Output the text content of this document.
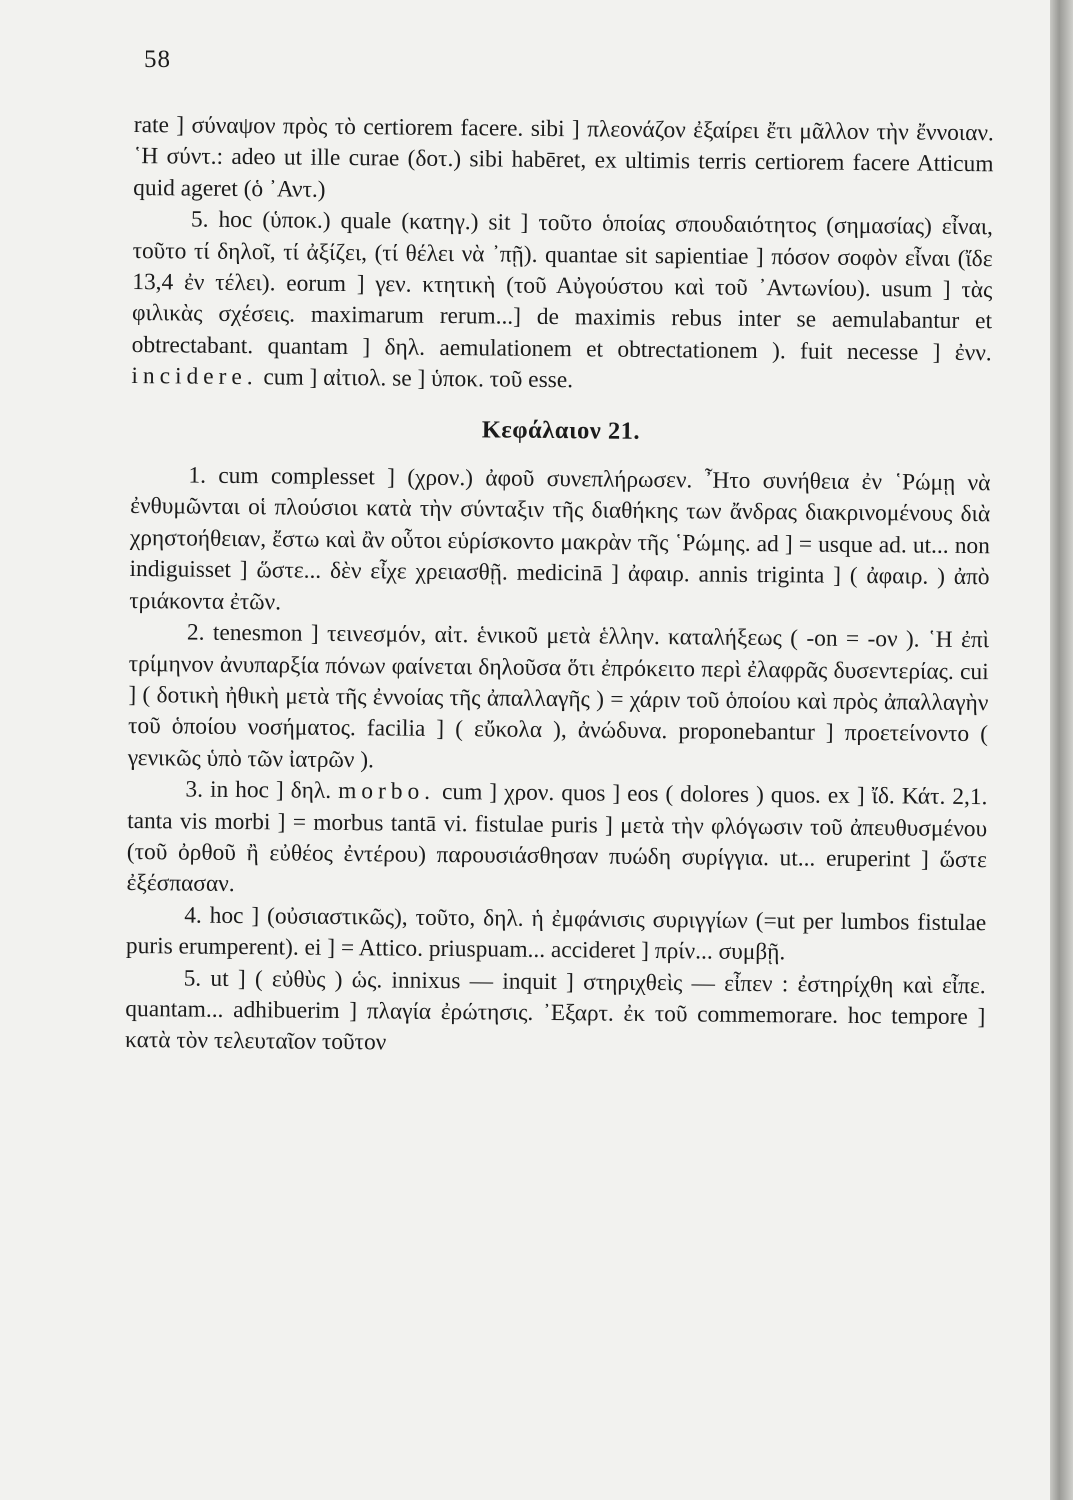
58

rate ] σύναψον πρὸς τὸ certiorem facere. sibi ] πλεονάζον ἐξαίρει ἔτι μᾶλλον τὴν ἔννοιαν. ῾Η σύντ.: adeo ut ille curae (δοτ.) sibi habēret, ex ultimis terris certiorem facere Atticum quid ageret (ὁ ᾿Αντ.)

5. hoc (ὑποκ.) quale (κατηγ.) sit ] τοῦτο ὁποίας σπουδαιότητος (σημασίας) εἶναι, τοῦτο τί δηλοῖ, τί ἀξίζει, (τί θέλει νὰ ᾽πῇ). quantae sit sapientiae ] πόσον σοφὸν εἶναι (ἴδε 13,4 ἐν τέλει). eorum ] γεν. κτητικὴ (τοῦ Αὐγούστου καὶ τοῦ ᾿Αντωνίου). usum ] τὰς φιλικὰς σχέσεις. maximarum rerum...] de maximis rebus inter se aemulabantur et obtrectabant. quantam ] δηλ. aemulationem et obtrectationem ). fuit necesse ] ἐνν. incidere. cum ] αἰτιολ. se ] ὑποκ. τοῦ esse.

Κεφάλαιον 21.

1. cum complesset ] (χρον.) ἀφοῦ συνεπλήρωσεν. ῏Ητο συνήθεια ἐν ῾Ρώμῃ νὰ ἐνθυμῶνται οἱ πλούσιοι κατὰ τὴν σύνταξιν τῆς διαθήκης των ἄνδρας διακρινομένους διὰ χρηστοήθειαν, ἔστω καὶ ἂν οὗτοι εὑρίσκοντο μακρὰν τῆς ῾Ρώμης. ad ] = usque ad. ut... non indiguisset ] ὥστε... δὲν εἶχε χρειασθῇ. medicinā ] ἀφαιρ. annis triginta ] ( ἀφαιρ. ) ἀπὸ τριάκοντα ἐτῶν.

2. tenesmon ] τεινεσμόν, αἰτ. ἑνικοῦ μετὰ ἑλλην. καταλήξεως ( -on = -ον ). ῾Η ἐπὶ τρίμηνον ἀνυπαρξία πόνων φαίνεται δηλοῦσα ὅτι ἐπρόκειτο περὶ ἐλαφρᾶς δυσεντερίας. cui ] ( δοτικὴ ἠθικὴ μετὰ τῆς ἐννοίας τῆς ἀπαλλαγῆς ) = χάριν τοῦ ὁποίου καὶ πρὸς ἀπαλλαγὴν τοῦ ὁποίου νοσήματος. facilia ] ( εὔκολα ), ἀνώδυνα. proponebantur ] προετείνοντο ( γενικῶς ὑπὸ τῶν ἰατρῶν ).

3. in hoc ] δηλ. morbo. cum ] χρον. quos ] eos ( dolores ) quos. ex ] ἴδ. Κάτ. 2,1. tanta vis morbi ] = morbus tantā vi. fistulae puris ] μετὰ τὴν φλόγωσιν τοῦ ἀπευθυσμένου (τοῦ ὀρθοῦ ἢ εὐθέος ἐντέρου) παρουσιάσθησαν πυώδη συρίγγια. ut... eruperint ] ὥστε ἐξέσπασαν.

4. hoc ] (οὐσιαστικῶς), τοῦτο, δηλ. ἡ ἐμφάνισις συριγγίων (=ut per lumbos fistulae puris erumperent). ei ] = Attico. priuspuam... accideret ] πρίν... συμβῇ.

5. ut ] ( εὐθὺς ) ὡς. innixus — inquit ] στηριχθεὶς — εἶπεν : ἐστηρίχθη καὶ εἶπε. quantam... adhibuerim ] πλαγία ἐρώτησις. ᾿Εξαρτ. ἐκ τοῦ commemorare. hoc tempore ] κατὰ τὸν τελευταῖον τοῦτον
